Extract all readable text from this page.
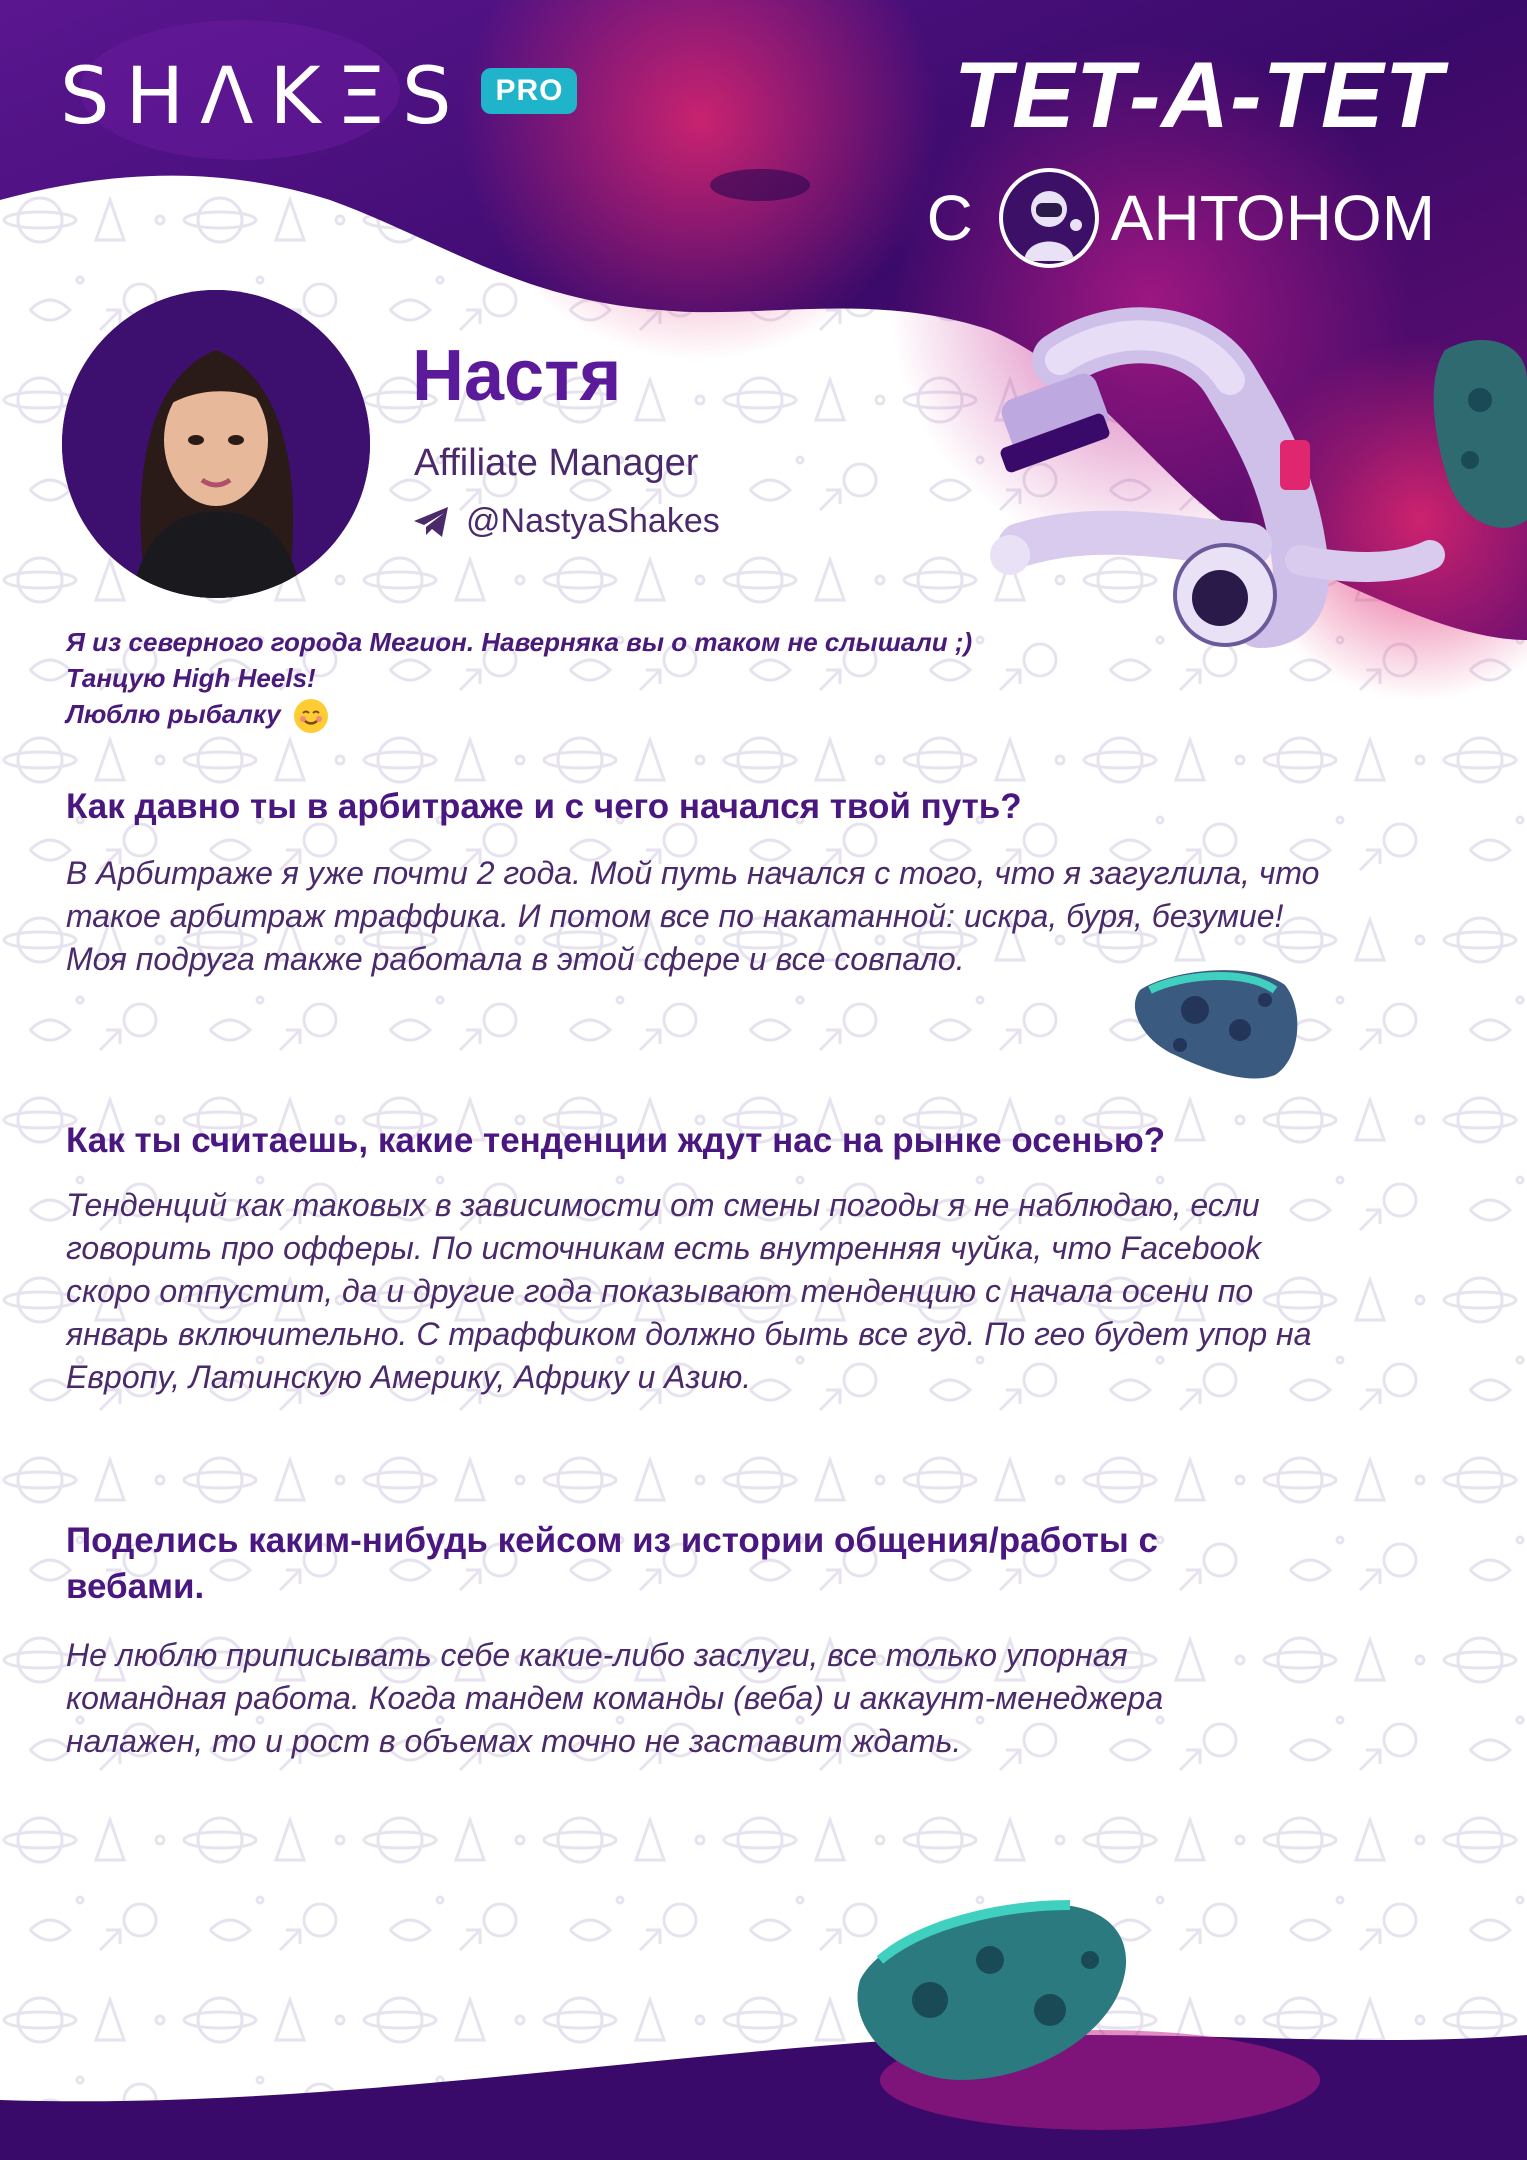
SHΛKΞS PRO	TET-A-TET
С АНТОНОМ
Настя
Affiliate Manager
@NastyaShakes
Я из северного города Мегион. Наверняка вы о таком не слышали ;)
Танцую High Heels!
Люблю рыбалку
Как давно ты в арбитраже и с чего начался твой путь?
В Арбитраже я уже почти 2 года. Мой путь начался с того, что я загуглила, что
такое арбитраж траффика. И потом все по накатанной: искра, буря, безумие!
Моя подруга также работала в этой сфере и все совпало.
Как ты считаешь, какие тенденции ждут нас на рынке осенью?
Тенденций как таковых в зависимости от смены погоды я не наблюдаю, если
говорить про офферы. По источникам есть внутренняя чуйка, что Facebook
скоро отпустит, да и другие года показывают тенденцию с начала осени по
январь включительно. С траффиком должно быть все гуд. По гео будет упор на
Европу, Латинскую Америку, Африку и Азию.
Поделись каким-нибудь кейсом из истории общения/работы с
вебами.
Не люблю приписывать себе какие-либо заслуги, все только упорная
командная работа. Когда тандем команды (веба) и аккаунт-менеджера
налажен, то и рост в объемах точно не заставит ждать.
